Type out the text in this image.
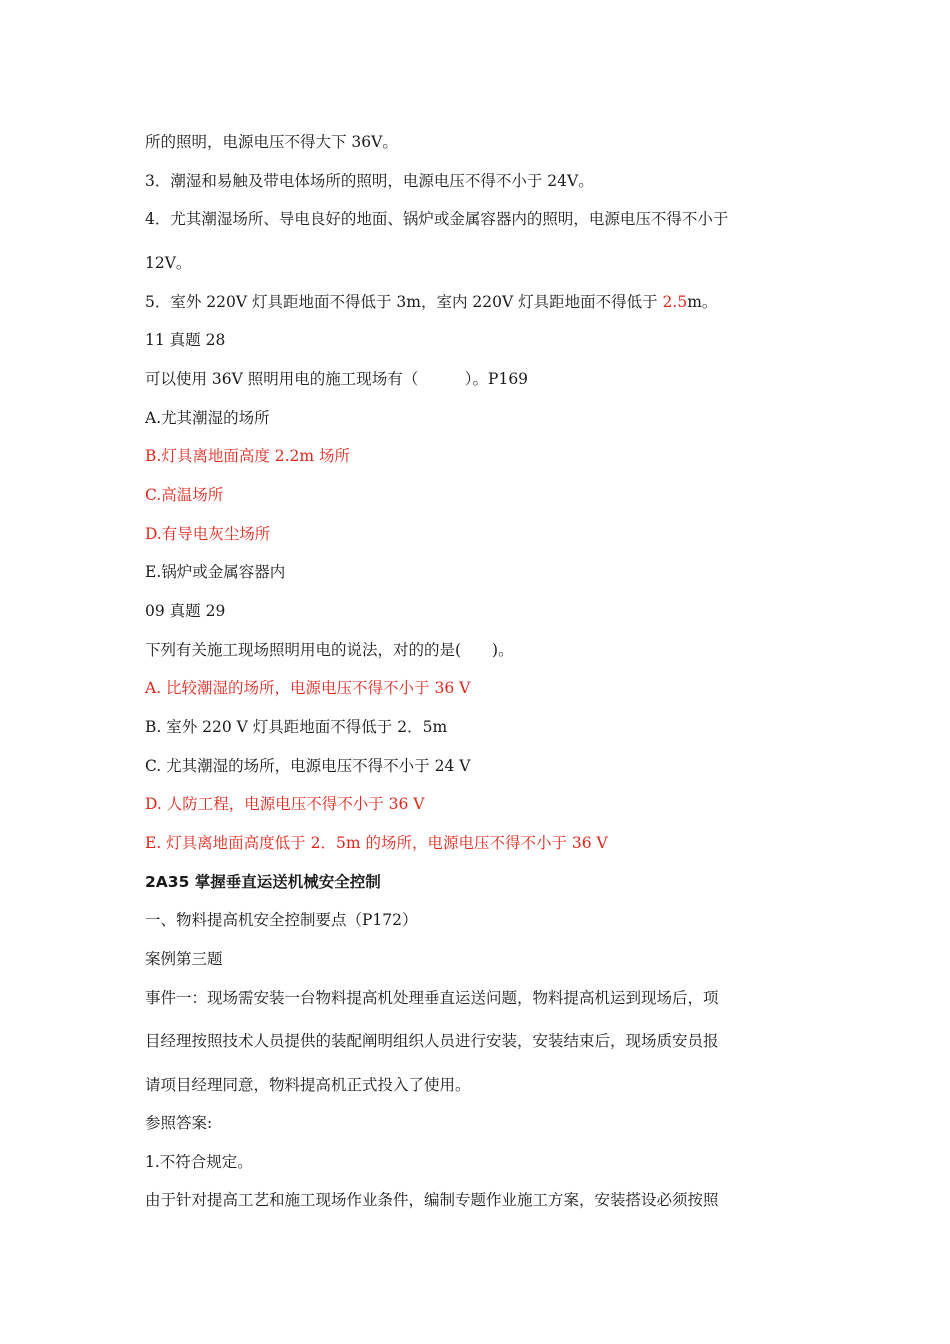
所的照明，电源电压不得大下 36V。
3．潮湿和易触及带电体场所的照明，电源电压不得不小于 24V。
4．尤其潮湿场所、导电良好的地面、锅炉或金属容器内的照明，电源电压不得不小于
12V。
5．室外 220V 灯具距地面不得低于 3m，室内 220V 灯具距地面不得低于 2.5m。
11 真题 28
可以使用 36V 照明用电的施工现场有（　　　）。P169
A.尤其潮湿的场所
B.灯具离地面高度 2.2m 场所
C.高温场所
D.有导电灰尘场所
E.锅炉或金属容器内
09 真题 29
下列有关施工现场照明用电的说法，对的的是(　　)。
A. 比较潮湿的场所，电源电压不得不小于 36 V
B. 室外 220 V 灯具距地面不得低于 2．5m
C. 尤其潮湿的场所，电源电压不得不小于 24 V
D. 人防工程，电源电压不得不小于 36 V
E. 灯具离地面高度低于 2．5m 的场所，电源电压不得不小于 36 V
2A35 掌握垂直运送机械安全控制
一、物料提高机安全控制要点（P172）
案例第三题
事件一：现场需安装一台物料提高机处理垂直运送问题，物料提高机运到现场后，项
目经理按照技术人员提供的装配阐明组织人员进行安装，安装结束后，现场质安员报
请项目经理同意，物料提高机正式投入了使用。
参照答案:
1.不符合规定。
由于针对提高工艺和施工现场作业条件，编制专题作业施工方案，安装搭设必须按照
